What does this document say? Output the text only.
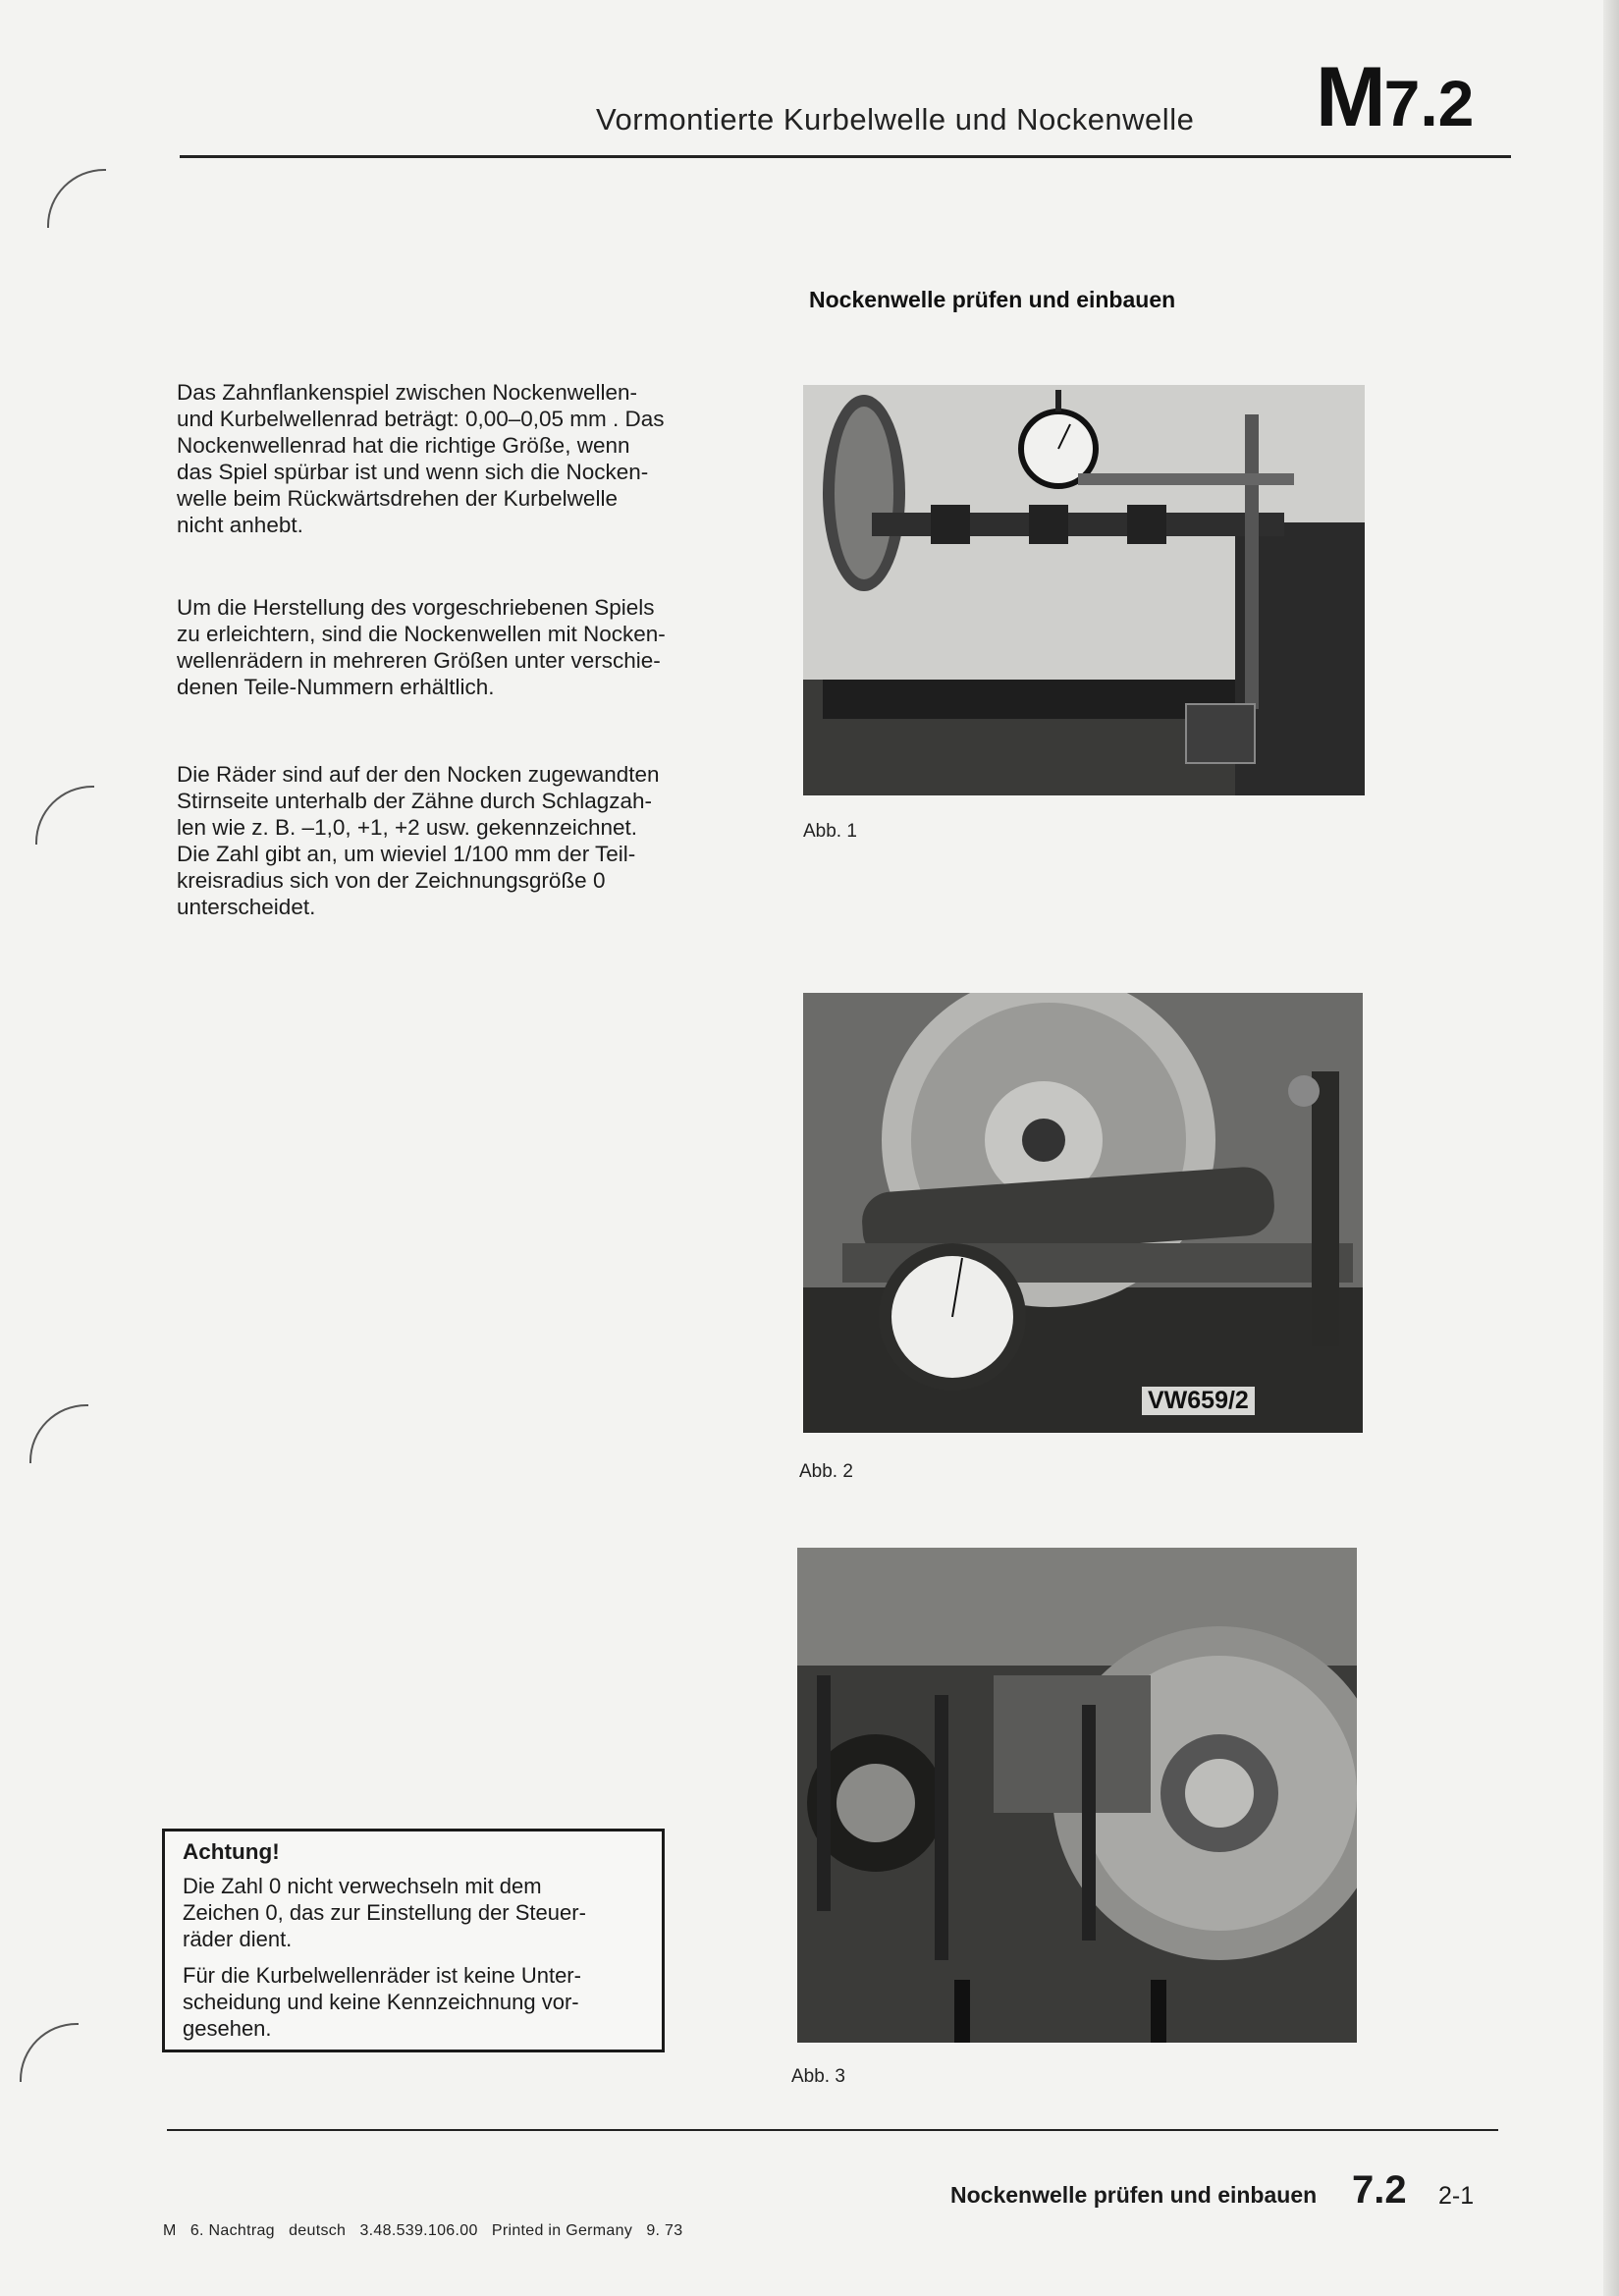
Vormontierte Kurbelwelle und Nockenwelle M7.2
Nockenwelle prüfen und einbauen
Das Zahnflankenspiel zwischen Nockenwellen-
und Kurbelwellenrad beträgt: 0,00–0,05 mm . Das
Nockenwellenrad hat die richtige Größe, wenn
das Spiel spürbar ist und wenn sich die Nocken-
welle beim Rückwärtsdrehen der Kurbelwelle
nicht anhebt.
Um die Herstellung des vorgeschriebenen Spiels
zu erleichtern, sind die Nockenwellen mit Nocken-
wellenrädern in mehreren Größen unter verschie-
denen Teile-Nummern erhältlich.
Die Räder sind auf der den Nocken zugewandten
Stirnseite unterhalb der Zähne durch Schlagzah-
len wie z. B. –1,0, +1, +2 usw. gekennzeichnet.
Die Zahl gibt an, um wieviel 1/100 mm der Teil-
kreisradius sich von der Zeichnungsgröße 0
unterscheidet.
Abb. 1
VW659/2
Abb. 2
Abb. 3
Achtung!

Die Zahl 0 nicht verwechseln mit dem
Zeichen 0, das zur Einstellung der Steuer-
räder dient.

Für die Kurbelwellenräder ist keine Unter-
scheidung und keine Kennzeichnung vor-
gesehen.

Nockenwelle prüfen und einbauen 7.2 2-1
M   6. Nachtrag   deutsch   3.48.539.106.00   Printed in Germany   9. 73
